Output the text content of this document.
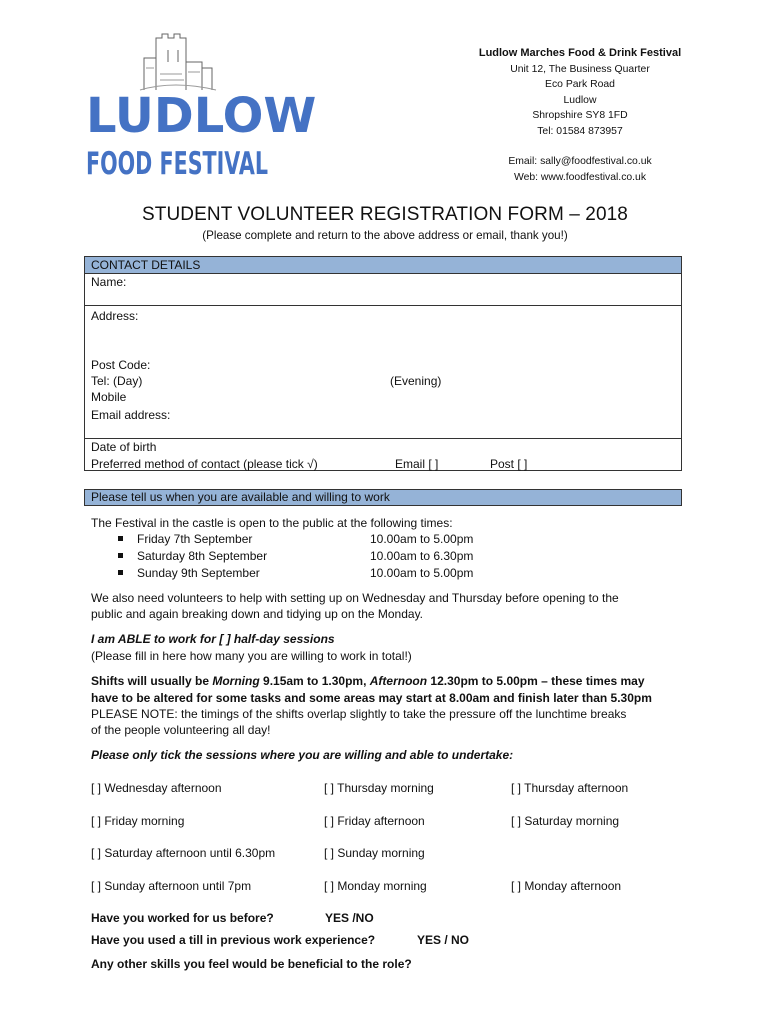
LUDLOW
FOOD FESTIVAL
Ludlow Marches Food & Drink Festival
Unit 12, The Business Quarter
Eco Park Road
Ludlow
Shropshire SY8 1FD
Tel: 01584 873957
Email: sally@foodfestival.co.uk
Web: www.foodfestival.co.uk
STUDENT VOLUNTEER REGISTRATION FORM – 2018
(Please complete and return to the above address or email, thank you!)
CONTACT DETAILS
Name:
Address:
Post Code:
Tel: (Day)	(Evening)
Mobile
Email address:
Date of birth
Preferred method of contact (please tick √)	Email [ ]	Post [ ]
Please tell us when you are available and willing to work
The Festival in the castle is open to the public at the following times:
Friday 7th September	10.00am to 5.00pm
Saturday 8th September	10.00am to 6.30pm
Sunday 9th September	10.00am to 5.00pm
We also need volunteers to help with setting up on Wednesday and Thursday before opening to the
public and again breaking down and tidying up on the Monday.
I am ABLE to work for [ ] half-day sessions
(Please fill in here how many you are willing to work in total!)
Shifts will usually be Morning 9.15am to 1.30pm, Afternoon 12.30pm to 5.00pm – these times may
have to be altered for some tasks and some areas may start at 8.00am and finish later than 5.30pm
PLEASE NOTE: the timings of the shifts overlap slightly to take the pressure off the lunchtime breaks
of the people volunteering all day!
Please only tick the sessions where you are willing and able to undertake:
[ ] Wednesday afternoon	[ ] Thursday morning	[ ] Thursday afternoon
[ ] Friday morning	[ ] Friday afternoon	[ ] Saturday morning
[ ] Saturday afternoon until 6.30pm	[ ] Sunday morning
[ ] Sunday afternoon until 7pm	[ ] Monday morning	[ ] Monday afternoon
Have you worked for us before?	YES /NO
Have you used a till in previous work experience?	YES / NO
Any other skills you feel would be beneficial to the role?
